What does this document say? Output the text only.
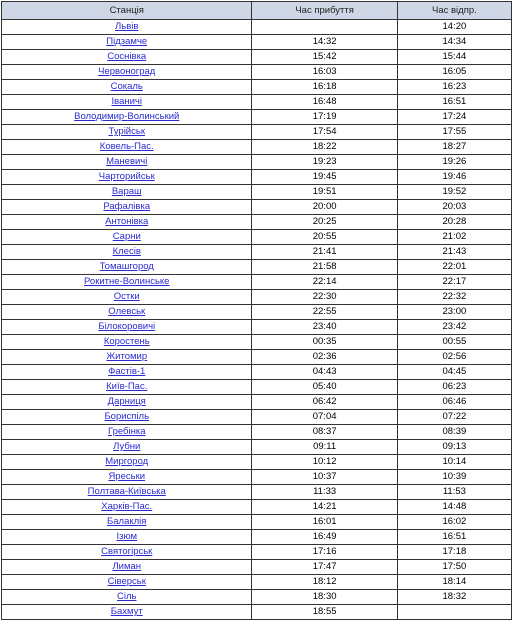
Станція	Час прибуття	Час відпр.
Львів		14:20
Підзамче	14:32	14:34
Соснівка	15:42	15:44
Червоноград	16:03	16:05
Сокаль	16:18	16:23
Іваничі	16:48	16:51
Володимир-Волинський	17:19	17:24
Турійськ	17:54	17:55
Ковель-Пас.	18:22	18:27
Маневичі	19:23	19:26
Чарторийськ	19:45	19:46
Вараш	19:51	19:52
Рафалівка	20:00	20:03
Антонівка	20:25	20:28
Сарни	20:55	21:02
Клесів	21:41	21:43
Томашгород	21:58	22:01
Рокитне-Волинське	22:14	22:17
Остки	22:30	22:32
Олевськ	22:55	23:00
Білокоровичі	23:40	23:42
Коростень	00:35	00:55
Житомир	02:36	02:56
Фастів-1	04:43	04:45
Київ-Пас.	05:40	06:23
Дарниця	06:42	06:46
Бориспіль	07:04	07:22
Гребінка	08:37	08:39
Лубни	09:11	09:13
Миргород	10:12	10:14
Яреськи	10:37	10:39
Полтава-Київська	11:33	11:53
Харків-Пас.	14:21	14:48
Балаклія	16:01	16:02
Ізюм	16:49	16:51
Святогірськ	17:16	17:18
Лиман	17:47	17:50
Сіверськ	18:12	18:14
Сіль	18:30	18:32
Бахмут	18:55	
